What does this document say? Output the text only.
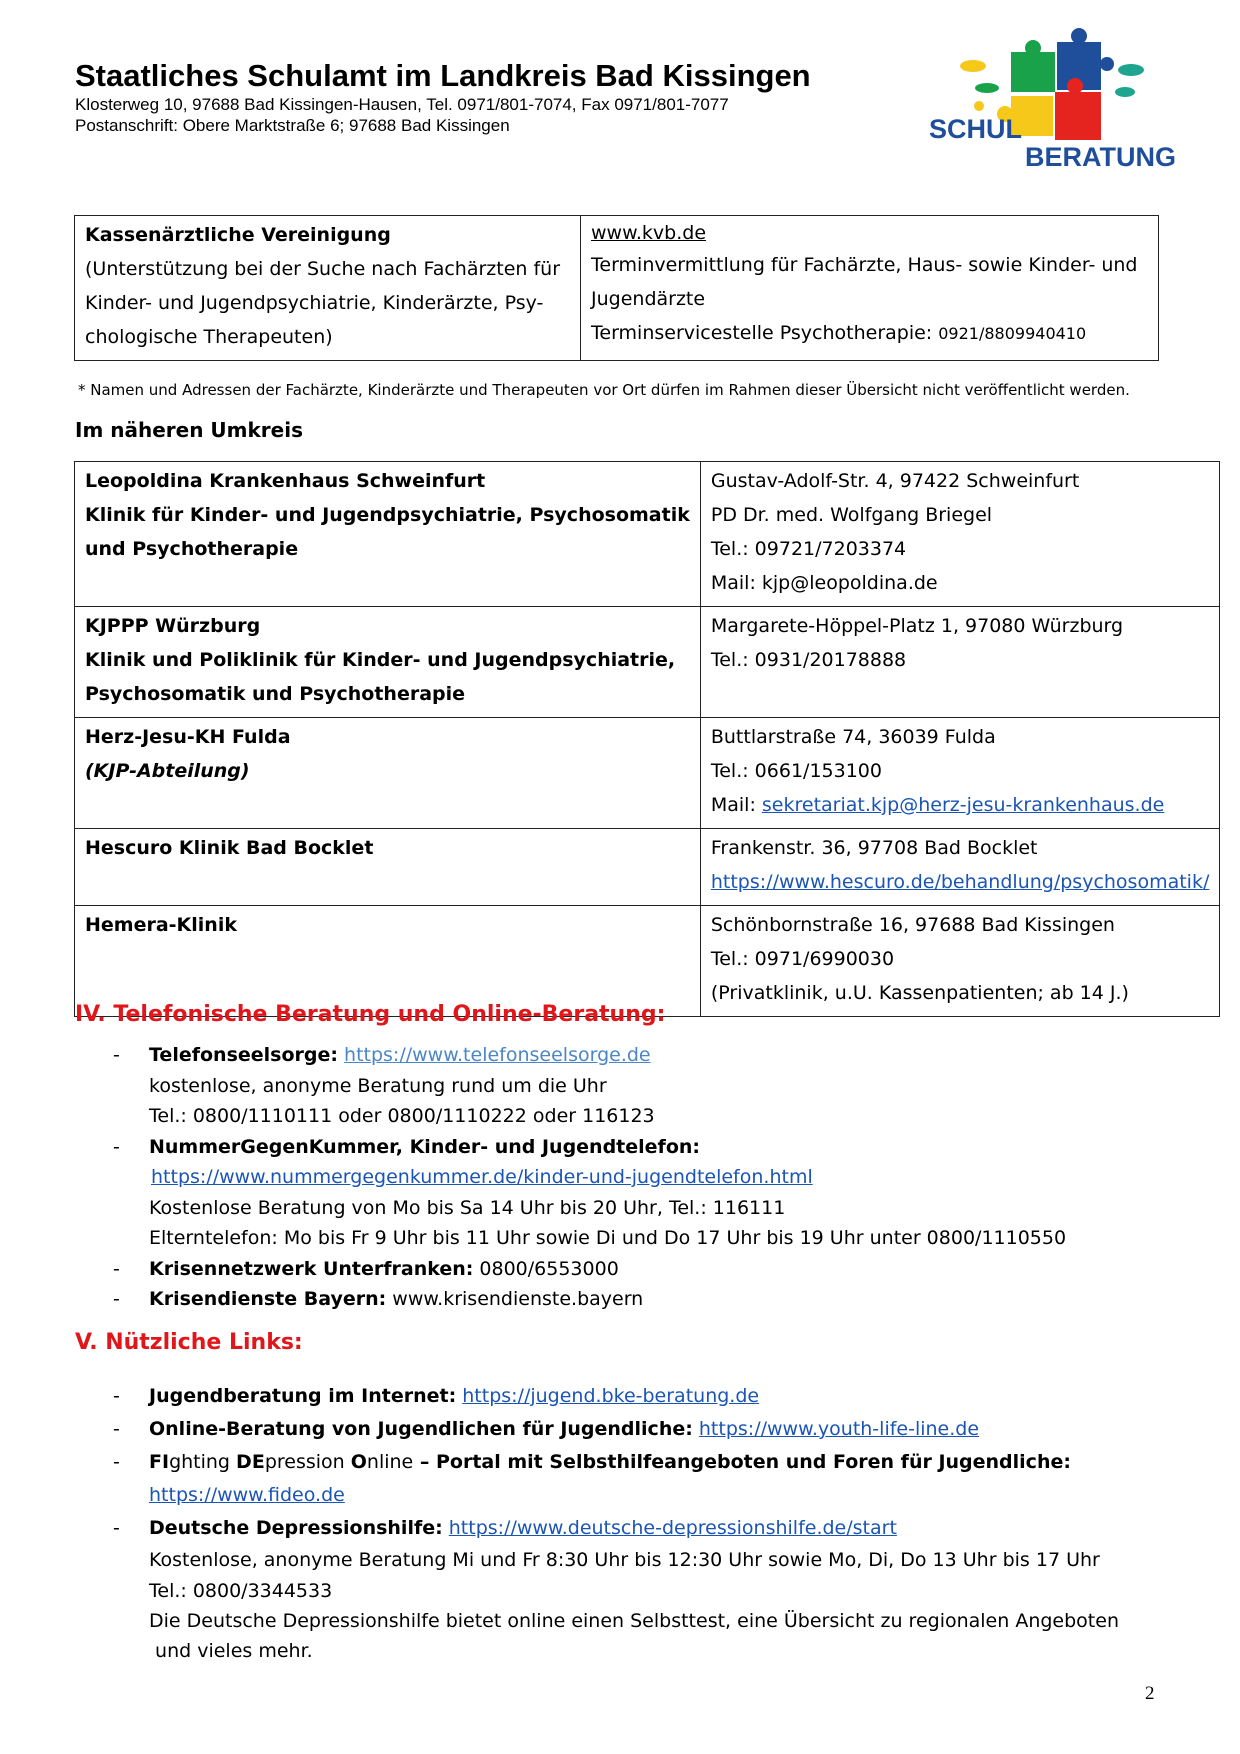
Staatliches Schulamt im Landkreis Bad Kissingen
Klosterweg 10, 97688 Bad Kissingen-Hausen, Tel. 0971/801-7074, Fax 0971/801-7077
Postanschrift: Obere Marktstraße 6; 97688 Bad Kissingen	SCHUL
BERATUNG
Kassenärztliche Vereinigung
(Unterstützung bei der Suche nach Fachärzten für
Kinder- und Jugendpsychiatrie, Kinderärzte, Psy-
chologische Therapeuten)

www.kvb.de
Terminvermittlung für Fachärzte, Haus- sowie Kinder- und
Jugendärzte
Terminservicestelle Psychotherapie: 0921/8809940410
* Namen und Adressen der Fachärzte, Kinderärzte und Therapeuten vor Ort dürfen im Rahmen dieser Übersicht nicht veröffentlicht werden.
Im näheren Umkreis
Leopoldina Krankenhaus Schweinfurt
Klinik für Kinder- und Jugendpsychiatrie, Psychosomatik
und Psychotherapie	Gustav-Adolf-Str. 4, 97422 Schweinfurt
PD Dr. med. Wolfgang Briegel
Tel.: 09721/7203374
Mail: kjp@leopoldina.de

KJPPP Würzburg
Klinik und Poliklinik für Kinder- und Jugendpsychiatrie,
Psychosomatik und Psychotherapie	Margarete-Höppel-Platz 1, 97080 Würzburg
Tel.: 0931/20178888

Herz-Jesu-KH Fulda
(KJP-Abteilung)	Buttlarstraße 74, 36039 Fulda
Tel.: 0661/153100
Mail: sekretariat.kjp@herz-jesu-krankenhaus.de

Hescuro Klinik Bad Bocklet	Frankenstr. 36, 97708 Bad Bocklet
https://www.hescuro.de/behandlung/psychosomatik/

Hemera-Klinik	Schönbornstraße 16, 97688 Bad Kissingen
Tel.: 0971/6990030
(Privatklinik, u.U. Kassenpatienten; ab 14 J.)
IV. Telefonische Beratung und Online-Beratung:
- Telefonseelsorge: https://www.telefonseelsorge.de
kostenlose, anonyme Beratung rund um die Uhr
Tel.: 0800/1110111 oder 0800/1110222 oder 116123
- NummerGegenKummer, Kinder- und Jugendtelefon:
https://www.nummergegenkummer.de/kinder-und-jugendtelefon.html
Kostenlose Beratung von Mo bis Sa 14 Uhr bis 20 Uhr, Tel.: 116111
Elterntelefon: Mo bis Fr 9 Uhr bis 11 Uhr sowie Di und Do 17 Uhr bis 19 Uhr unter 0800/1110550
- Krisennetzwerk Unterfranken: 0800/6553000
- Krisendienste Bayern: www.krisendienste.bayern
V. Nützliche Links:
- Jugendberatung im Internet: https://jugend.bke-beratung.de
- Online-Beratung von Jugendlichen für Jugendliche: https://www.youth-life-line.de
- FIghting DEpression Online – Portal mit Selbsthilfeangeboten und Foren für Jugendliche:
https://www.fideo.de
- Deutsche Depressionshilfe: https://www.deutsche-depressionshilfe.de/start
Kostenlose, anonyme Beratung Mi und Fr 8:30 Uhr bis 12:30 Uhr sowie Mo, Di, Do 13 Uhr bis 17 Uhr
Tel.: 0800/3344533
Die Deutsche Depressionshilfe bietet online einen Selbsttest, eine Übersicht zu regionalen Angeboten
und vieles mehr.
2
